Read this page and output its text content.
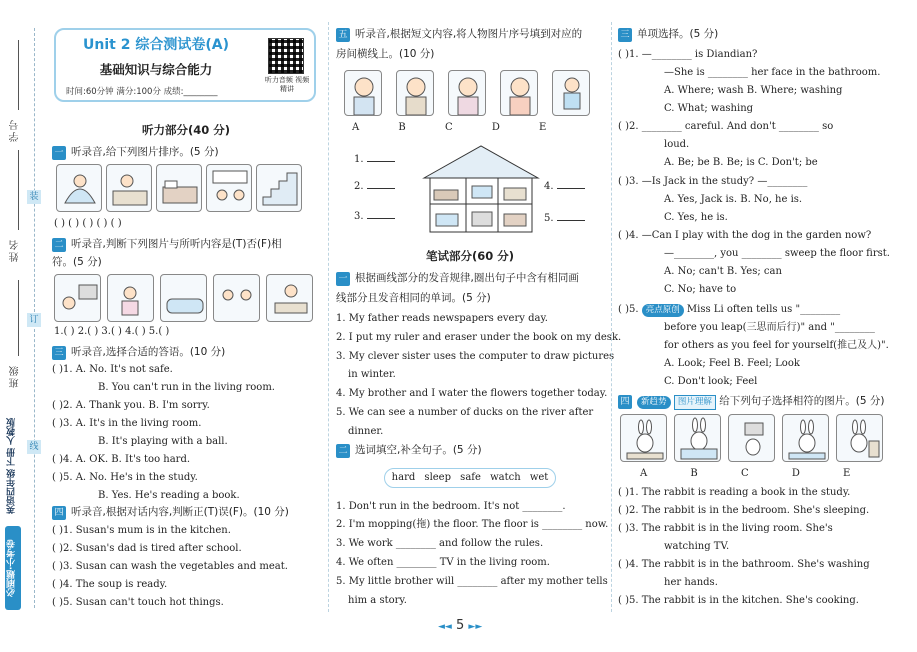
学号
装
姓名
订
班级
线
英语四年级 下册 人教版
必刷题·小考卷
Unit 2 综合测试卷(A)
基础知识与综合能力
时间:60分钟 满分:100分 成绩:________
听力音频 视频精讲
听力部分(40 分)
一 听录音,给下列图片排序。(5 分)
( ) ( ) ( ) ( ) ( )
二 听录音,判断下列图片与所听内容是(T)否(F)相
符。(5 分)
1.( ) 2.( ) 3.( ) 4.( ) 5.( )
三 听录音,选择合适的答语。(10 分)
( )1. A. No. It's not safe.
B. You can't run in the living room.
( )2. A. Thank you. B. I'm sorry.
( )3. A. It's in the living room.
B. It's playing with a ball.
( )4. A. OK. B. It's too hard.
( )5. A. No. He's in the study.
B. Yes. He's reading a book.
四 听录音,根据对话内容,判断正(T)误(F)。(10 分)
( )1. Susan's mum is in the kitchen.
( )2. Susan's dad is tired after school.
( )3. Susan can wash the vegetables and meat.
( )4. The soup is ready.
( )5. Susan can't touch hot things.
五 听录音,根据短文内容,将人物图片序号填到对应的
房间横线上。(10 分)
A	B	C	D	E
1.
2.
3.
4.
5.
笔试部分(60 分)
一 根据画线部分的发音规律,圈出句子中含有相同画
线部分且发音相同的单词。(5 分)
1. My father reads newspapers every day.
2. I put my ruler and eraser under the book on my desk.
3. My clever sister uses the computer to draw pictures
in winter.
4. My brother and I water the flowers together today.
5. We can see a number of ducks on the river after
dinner.
二 选词填空,补全句子。(5 分)
hard sleep safe watch wet
1. Don't run in the bedroom. It's not ________.
2. I'm mopping(拖) the floor. The floor is ________ now.
3. We work ________ and follow the rules.
4. We often ________ TV in the living room.
5. My little brother will ________ after my mother tells
him a story.
三 单项选择。(5 分)
( )1. —________ is Diandian?
—She is ________ her face in the bathroom.
A. Where; wash B. Where; washing
C. What; washing
( )2. ________ careful. And don't ________ so
loud.
A. Be; be B. Be; is C. Don't; be
( )3. —Is Jack in the study? —________
A. Yes, Jack is. B. No, he is.
C. Yes, he is.
( )4. —Can I play with the dog in the garden now?
—________, you ________ sweep the floor first.
A. No; can't B. Yes; can
C. No; have to
( )5. 亮点原创 Miss Li often tells us "________
before you leap(三思而后行)" and "________
for others as you feel for yourself(推己及人)".
A. Look; Feel B. Feel; Look
C. Don't look; Feel
四 新趋势 图片理解 给下列句子选择相符的图片。(5 分)
A	B	C	D	E
( )1. The rabbit is reading a book in the study.
( )2. The rabbit is in the bedroom. She's sleeping.
( )3. The rabbit is in the living room. She's
watching TV.
( )4. The rabbit is in the bathroom. She's washing
her hands.
( )5. The rabbit is in the kitchen. She's cooking.
◄◄ 5 ►►
